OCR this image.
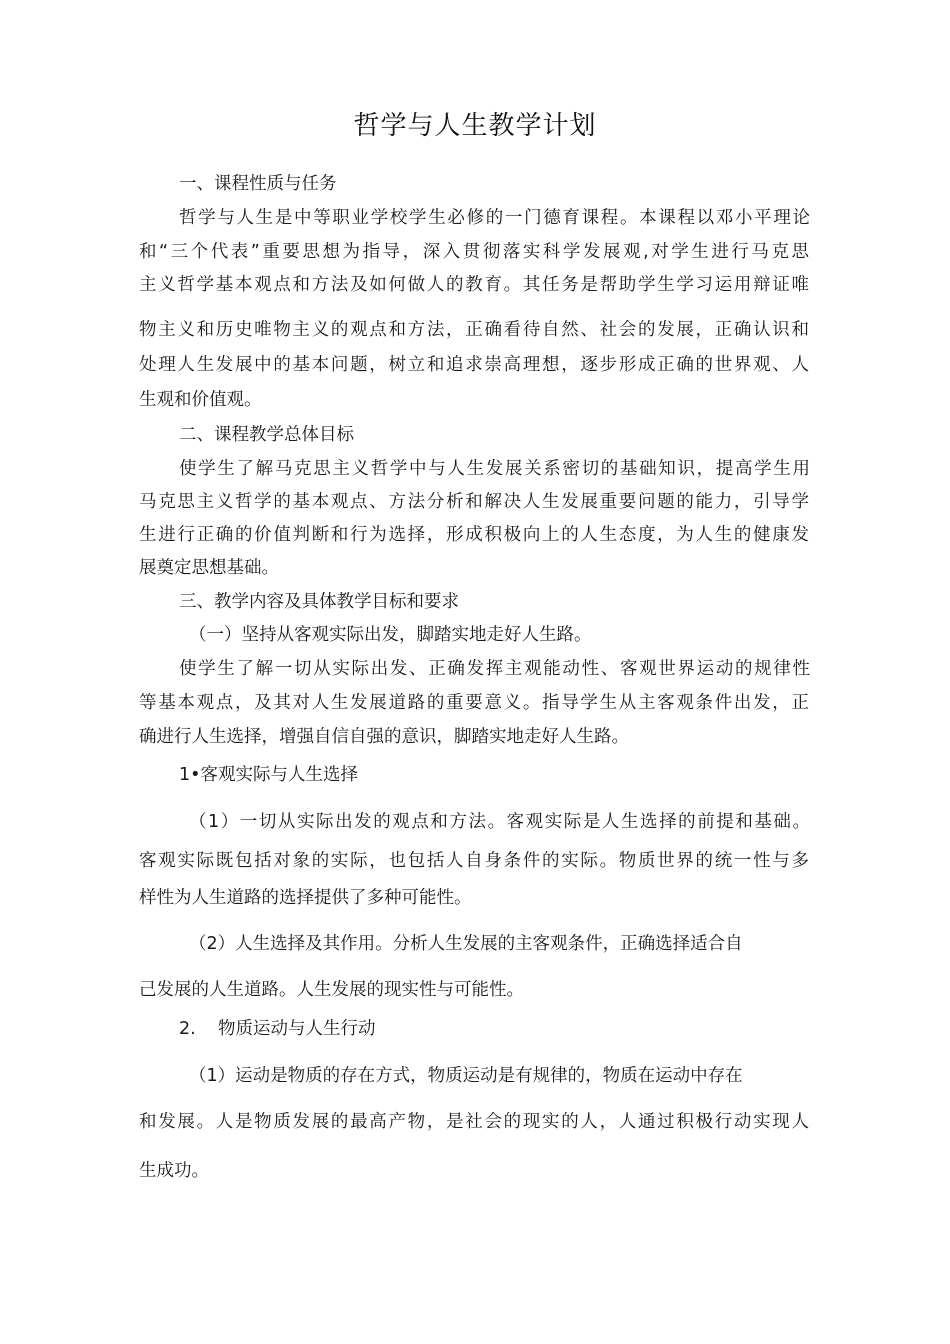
哲学与人生教学计划
一、课程性质与任务
哲学与人生是中等职业学校学生必修的一门德育课程。本课程以邓小平理论
和“三个代表”重要思想为指导，深入贯彻落实科学发展观,对学生进行马克思
主义哲学基本观点和方法及如何做人的教育。其任务是帮助学生学习运用辩证唯
物主义和历史唯物主义的观点和方法，正确看待自然、社会的发展，正确认识和
处理人生发展中的基本问题，树立和追求崇高理想，逐步形成正确的世界观、人
生观和价值观。
二、课程教学总体目标
使学生了解马克思主义哲学中与人生发展关系密切的基础知识，提高学生用
马克思主义哲学的基本观点、方法分析和解决人生发展重要问题的能力，引导学
生进行正确的价值判断和行为选择，形成积极向上的人生态度，为人生的健康发
展奠定思想基础。
三、教学内容及具体教学目标和要求
（一）坚持从客观实际出发，脚踏实地走好人生路。
使学生了解一切从实际出发、正确发挥主观能动性、客观世界运动的规律性
等基本观点，及其对人生发展道路的重要意义。指导学生从主客观条件出发，正
确进行人生选择，增强自信自强的意识，脚踏实地走好人生路。
1•客观实际与人生选择
（1）一切从实际出发的观点和方法。客观实际是人生选择的前提和基础。
客观实际既包括对象的实际，也包括人自身条件的实际。物质世界的统一性与多
样性为人生道路的选择提供了多种可能性。
（2）人生选择及其作用。分析人生发展的主客观条件，正确选择适合自
己发展的人生道路。人生发展的现实性与可能性。
2.    物质运动与人生行动
（1）运动是物质的存在方式，物质运动是有规律的，物质在运动中存在
和发展。人是物质发展的最高产物，是社会的现实的人，人通过积极行动实现人
生成功。
